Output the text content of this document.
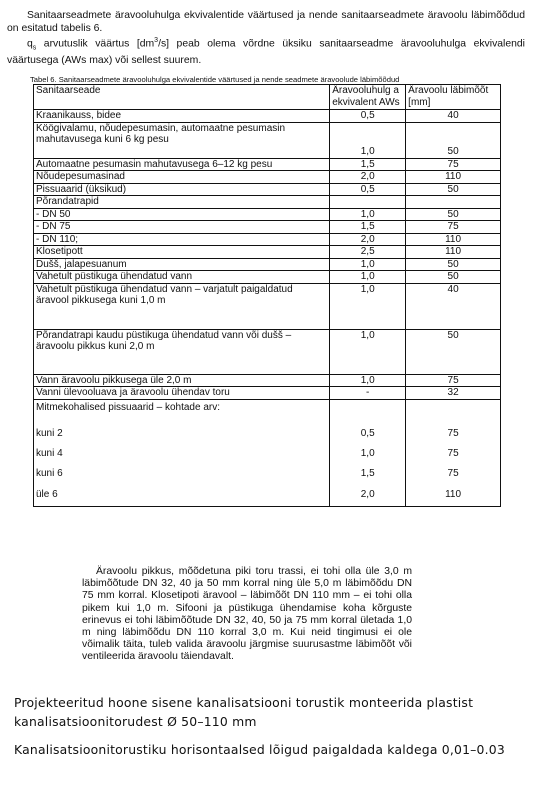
Sanitaarseadmete äravooluhulga ekvivalentide väärtused ja nende sanitaarseadmete äravoolu läbimõõdud on esitatud tabelis 6.

$q_s$ arvutuslik väärtus $[dm^3/s]$ peab olema võrdne üksiku sanitaarseadme äravooluhulga ekvivalendi väärtusega (AWs max) või sellest suurem.

Tabel 6. Sanitaarseadmete äravooluhulga ekvivalentide väärtused ja nende seadmete äravoolude läbimõõdud
Sanitaarseade	Äravooluhulg a ekvivalent AWs	Äravoolu läbimõõt [mm]
Kraanikauss, bidee	0,5	40
Köögivalamu, nõudepesumasin, automaatne pesumasin mahutavusega kuni 6 kg pesu	1,0	50
Automaatne pesumasin mahutavusega 6–12 kg pesu	1,5	75
Nõudepesumasinad	2,0	110
Pissuaarid (üksikud)	0,5	50
Põrandatrapid		
- DN 50	1,0	50
- DN 75	1,5	75
- DN 110;	2,0	110
Klosetipott	2,5	110
Dušš, jalapesuanum	1,0	50
Vahetult püstikuga ühendatud vann	1,0	50
Vahetult püstikuga ühendatud vann – varjatult paigaldatud äravool pikkusega kuni 1,0 m	1,0	40
Põrandatrapi kaudu püstikuga ühendatud vann või dušš – äravoolu pikkus kuni 2,0 m	1,0	50
Vann äravoolu pikkusega üle 2,0 m	1,0	75
Vanni ülevooluava ja äravoolu ühendav toru	-	32
Mitmekohalised pissuaarid – kohtade arv:		
kuni 2	0,5	75
kuni 4	1,0	75
kuni 6	1,5	75
üle 6	2,0	110

Äravoolu pikkus, mõõdetuna piki toru trassi, ei tohi olla üle 3,0 m läbimõõtude DN 32, 40 ja 50 mm korral ning üle 5,0 m läbimõõdu DN 75 mm korral. Klosetipoti äravool – läbimõõt DN 110 mm – ei tohi olla pikem kui 1,0 m. Sifooni ja püstikuga ühendamise koha kõrguste erinevus ei tohi läbimõõtude DN 32, 40, 50 ja 75 mm korral ületada 1,0 m ning läbimõõdu DN 110 korral 3,0 m. Kui neid tingimusi ei ole võimalik täita, tuleb valida äravoolu järgmise suurusastme läbimõõt või ventileerida äravoolu täiendavalt.

Projekteeritud hoone sisene kanalisatsiooni torustik monteerida plastist
kanalisatsioonitorudest Ø 50–110 mm
Kanalisatsioonitorustiku horisontaalsed lõigud paigaldada kaldega 0,01–0.03
